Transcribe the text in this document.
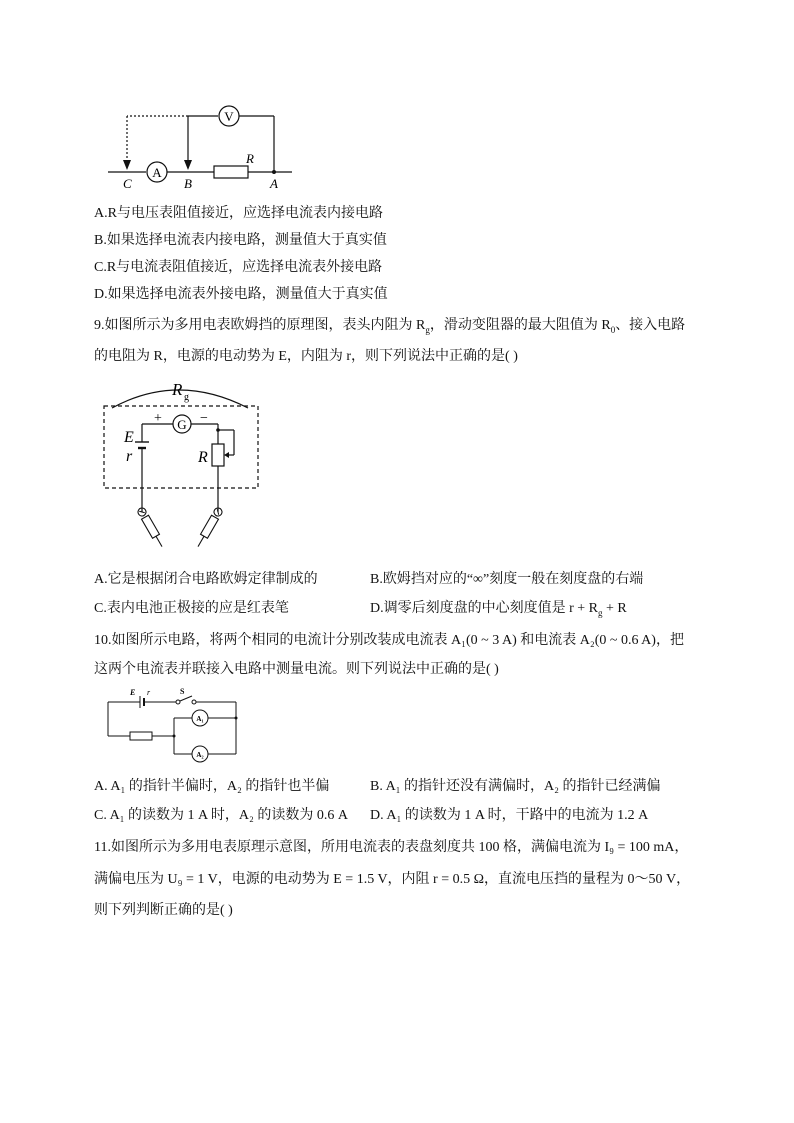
A
R
V
C	B	A
A.R与电压表阻值接近，应选择电流表内接电路
B.如果选择电流表内接电路，测量值大于真实值
C.R与电流表阻值接近，应选择电流表外接电路
D.如果选择电流表外接电路，测量值大于真实值
9.如图所示为多用电表欧姆挡的原理图，表头内阻为 $R_g$，滑动变阻器的最大阻值为 $R_0$、接入电路
的电阻为 R，电源的电动势为 E，内阻为 r，则下列说法中正确的是( )
R g
G
+	−
E
r	R
A.它是根据闭合电路欧姆定律制成的	B.欧姆挡对应的“∞”刻度一般在刻度盘的右端
C.表内电池正极接的应是红表笔	D.调零后刻度盘的中心刻度值是 $r + R_g + R$
10.如图所示电路，将两个相同的电流计分别改装成电流表 A₁(0 ~ 3 A) 和电流表 A₂(0 ~ 0.6 A)，把
这两个电流表并联接入电路中测量电流。则下列说法中正确的是( )
E r	S
A₁
A₂
A. A₁ 的指针半偏时，A₂ 的指针也半偏	B. A₁ 的指针还没有满偏时，A₂ 的指针已经满偏
C. A₁ 的读数为 1 A 时，A₂ 的读数为 0.6 A D. A₁ 的读数为 1 A 时，干路中的电流为 1.2 A
11.如图所示为多用电表原理示意图，所用电流表的表盘刻度共 100 格，满偏电流为 I₉ = 100 mA，
满偏电压为 U₉ = 1 V，电源的电动势为 E = 1.5 V，内阻 r = 0.5 Ω，直流电压挡的量程为 0～50 V，
则下列判断正确的是( )
